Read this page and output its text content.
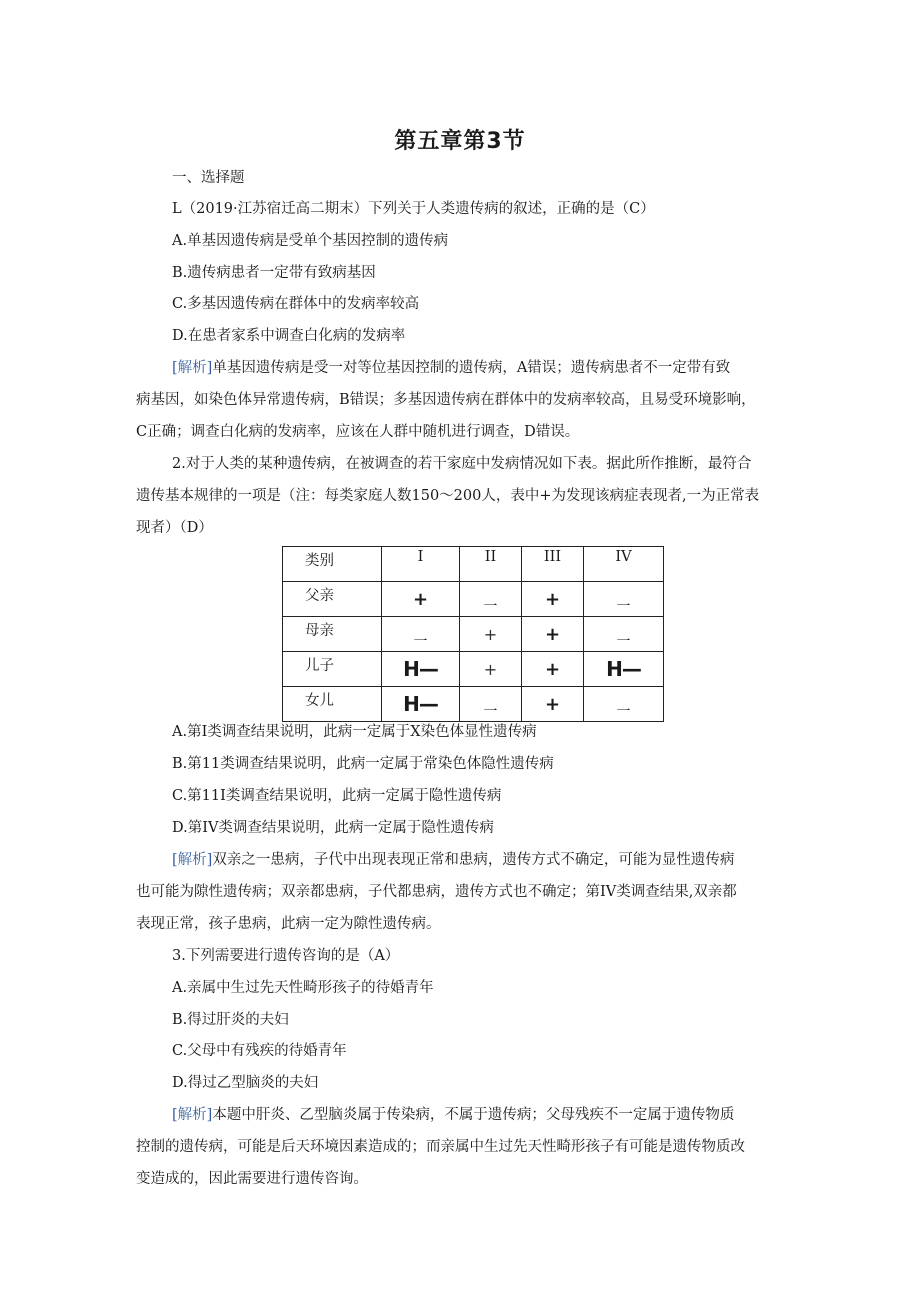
第五章第3节
一、选择题
L（2019·江苏宿迁高二期末）下列关于人类遗传病的叙述，正确的是（C）
A.单基因遗传病是受单个基因控制的遗传病
B.遗传病患者一定带有致病基因
C.多基因遗传病在群体中的发病率较高
D.在患者家系中调查白化病的发病率
[解析]单基因遗传病是受一对等位基因控制的遗传病，A错误；遗传病患者不一定带有致
病基因，如染色体异常遗传病，B错误；多基因遗传病在群体中的发病率较高，且易受环境影响，
C正确；调查白化病的发病率，应该在人群中随机进行调查，D错误。
2.对于人类的某种遗传病，在被调查的若干家庭中发病情况如下表。据此所作推断，最符合
遗传基本规律的一项是（注：每类家庭人数150～200人，表中+为发现该病症表现者,一为正常表
现者）（D）
类别	I	II	III	IV
父亲	+	一	+	一
母亲	一	+	+	一
儿子	H—	+	+	H—
女儿	H—	一	+	一
A.第I类调查结果说明，此病一定属于X染色体显性遗传病
B.第11类调查结果说明，此病一定属于常染色体隐性遗传病
C.第11I类调查结果说明，此病一定属于隐性遗传病
D.第IV类调查结果说明，此病一定属于隐性遗传病
[解析]双亲之一患病，子代中出现表现正常和患病，遗传方式不确定，可能为显性遗传病
也可能为隙性遗传病；双亲都患病，子代都患病，遗传方式也不确定；第IV类调查结果,双亲都
表现正常，孩子患病，此病一定为隙性遗传病。
3.下列需要进行遗传咨询的是（A）
A.亲属中生过先天性畸形孩子的待婚青年
B.得过肝炎的夫妇
C.父母中有残疾的待婚青年
D.得过乙型脑炎的夫妇
[解析]本题中肝炎、乙型脑炎属于传染病，不属于遗传病；父母残疾不一定属于遗传物质
控制的遗传病，可能是后天环境因素造成的；而亲属中生过先天性畸形孩子有可能是遗传物质改
变造成的，因此需要进行遗传咨询。
